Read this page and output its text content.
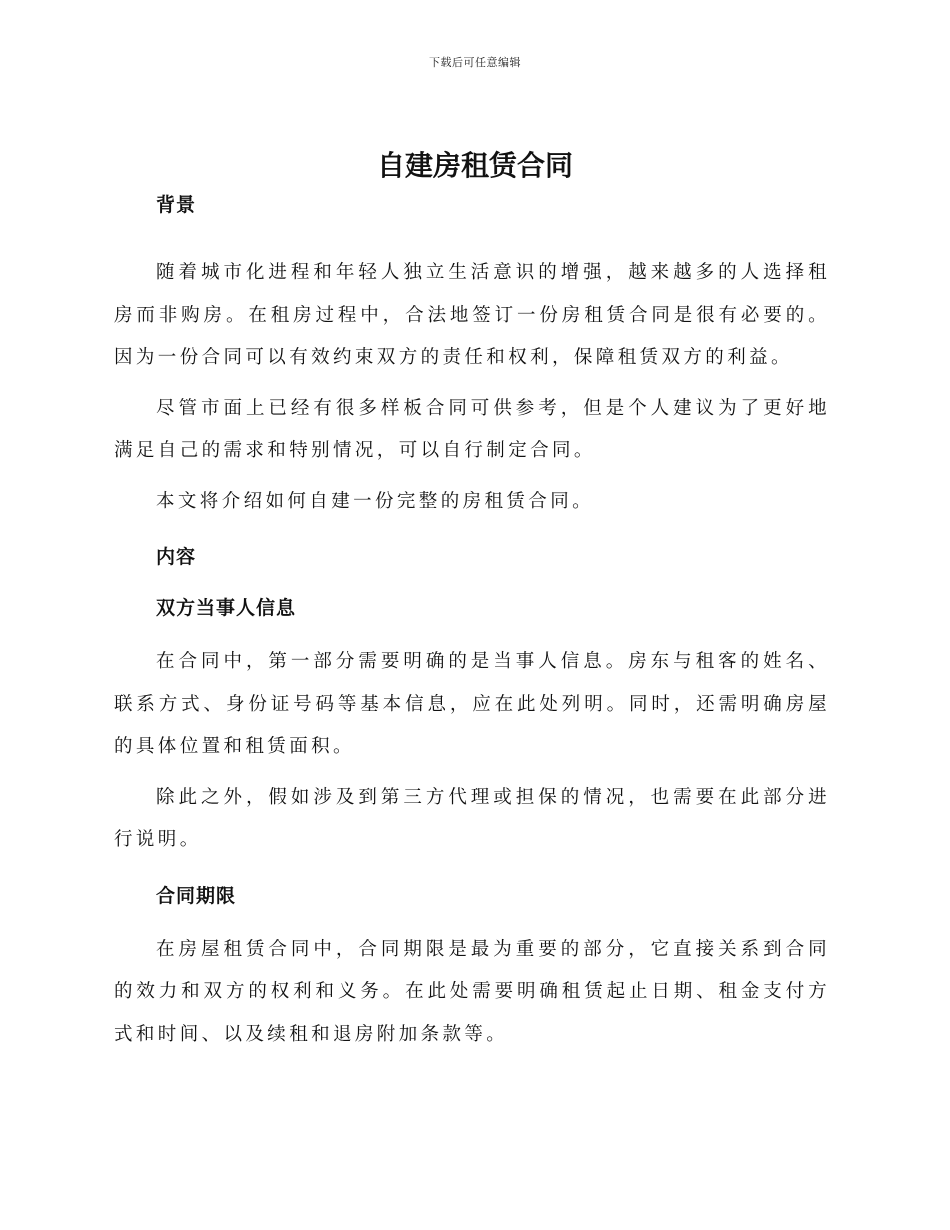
下载后可任意编辑
自建房租赁合同
背景

随着城市化进程和年轻人独立生活意识的增强，越来越多的人选择租房而非购房。在租房过程中，合法地签订一份房租赁合同是很有必要的。因为一份合同可以有效约束双方的责任和权利，保障租赁双方的利益。

尽管市面上已经有很多样板合同可供参考，但是个人建议为了更好地满足自己的需求和特别情况，可以自行制定合同。

本文将介绍如何自建一份完整的房租赁合同。

内容
双方当事人信息

在合同中，第一部分需要明确的是当事人信息。房东与租客的姓名、联系方式、身份证号码等基本信息，应在此处列明。同时，还需明确房屋的具体位置和租赁面积。

除此之外，假如涉及到第三方代理或担保的情况，也需要在此部分进行说明。

合同期限

在房屋租赁合同中，合同期限是最为重要的部分，它直接关系到合同的效力和双方的权利和义务。在此处需要明确租赁起止日期、租金支付方式和时间、以及续租和退房附加条款等。
